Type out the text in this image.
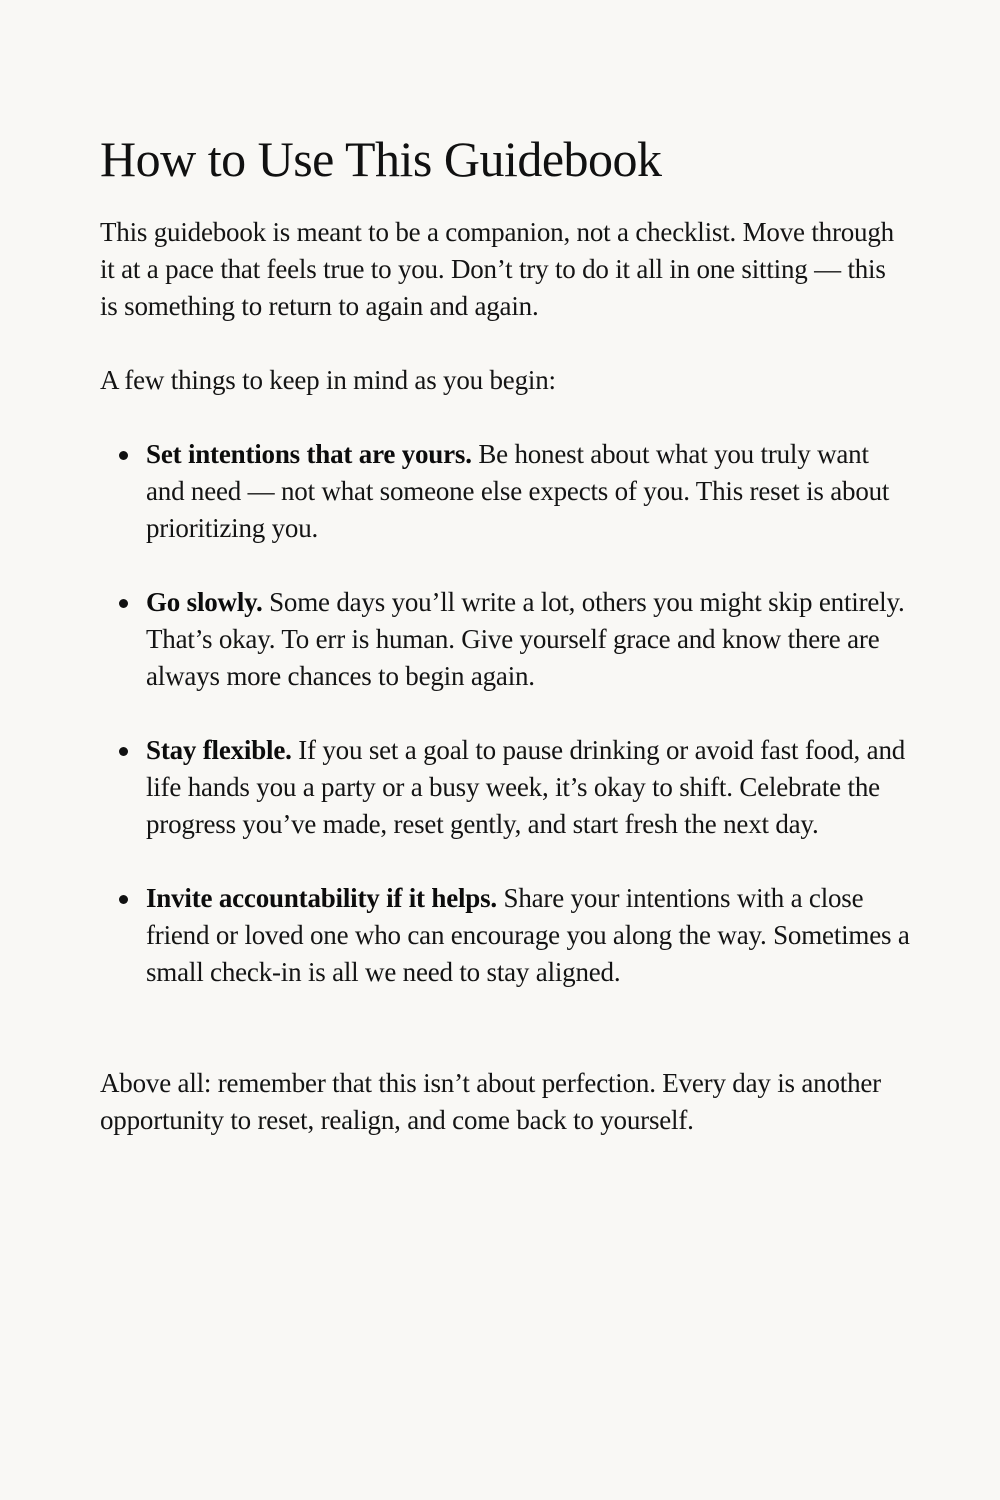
How to Use This Guidebook

This guidebook is meant to be a companion, not a checklist. Move through it at a pace that feels true to you. Don’t try to do it all in one sitting — this is something to return to again and again.

A few things to keep in mind as you begin:

Set intentions that are yours. Be honest about what you truly want and need — not what someone else expects of you. This reset is about prioritizing you.
Go slowly. Some days you’ll write a lot, others you might skip entirely. That’s okay. To err is human. Give yourself grace and know there are always more chances to begin again.
Stay flexible. If you set a goal to pause drinking or avoid fast food, and life hands you a party or a busy week, it’s okay to shift. Celebrate the progress you’ve made, reset gently, and start fresh the next day.
Invite accountability if it helps. Share your intentions with a close friend or loved one who can encourage you along the way. Sometimes a small check-in is all we need to stay aligned.

Above all: remember that this isn’t about perfection. Every day is another opportunity to reset, realign, and come back to yourself.
